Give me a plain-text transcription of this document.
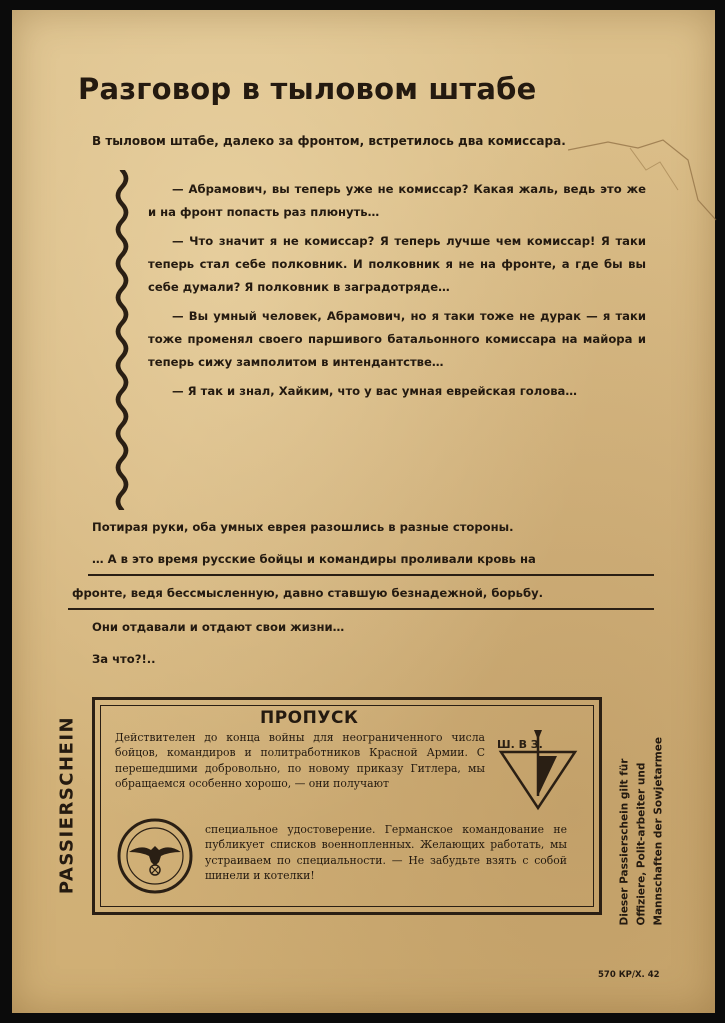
Разговор в тыловом штабе
В тыловом штабе, далеко за фронтом, встретилось два комиссара.

— Абрамович, вы теперь уже не комиссар? Какая жаль, ведь это же и на фронт попасть раз плюнуть…

— Что значит я не комиссар? Я теперь лучше чем комиссар! Я таки теперь стал себе полковник. И полковник я не на фронте, а где бы вы себе думали? Я полковник в заградотряде…

— Вы умный человек, Абрамович, но я таки тоже не дурак — я таки тоже променял своего паршивого батальонного комиссара на майора и теперь сижу замполитом в интендантстве…

— Я так и знал, Хайким, что у вас умная еврейская голова…

Потирая руки, оба умных еврея разошлись в разные стороны.
… А в это время русские бойцы и командиры проливали кровь на
фронте, ведя бессмысленную, давно ставшую безнадежной, борьбу.
Они отдавали и отдают свои жизни…
За что?!..
PASSIERSCHEIN	ПРОПУСК
Действителен до конца войны для неограниченного числа бойцов, командиров и политработников Красной Армии. С перешедшими добровольно, по новому приказу Гитлера, мы обращаемся особенно хорошо, — они получают
Ш. В З.
специальное удостоверение. Германское командование не публикует списков военнопленных. Желающих работать, мы устраиваем по специальности. — Не забудьте взять с собой шинели и котелки!	Dieser Passierschein gilt für Offiziere, Polit-arbeiter und Mannschaften der Sowjetarmee
570 КР/Х. 42
